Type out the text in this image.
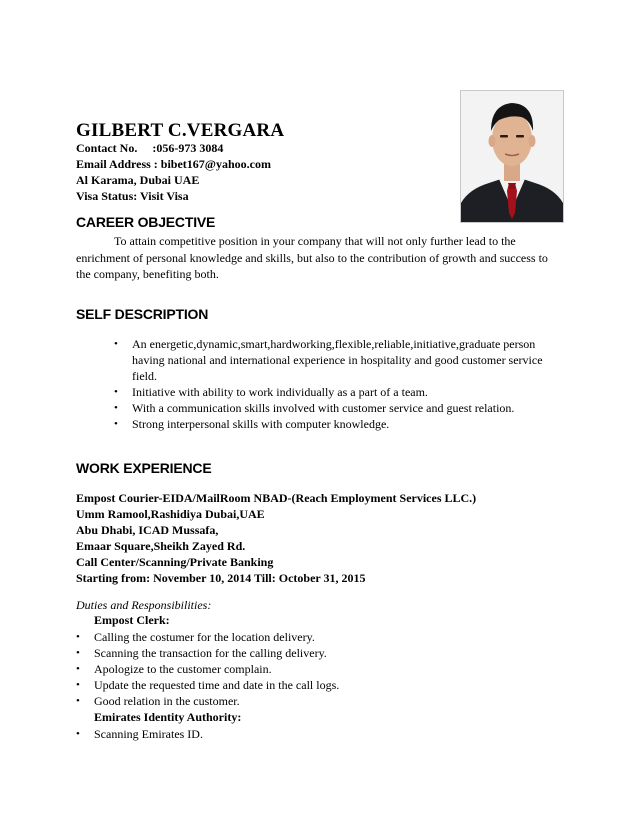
GILBERT C.VERGARA
Contact No.     :056-973 3084
Email Address : bibet167@yahoo.com
Al Karama, Dubai UAE
Visa Status: Visit Visa
CAREER OBJECTIVE
To attain competitive position in your company that will not only further lead to the enrichment of personal knowledge and skills, but also to the contribution of growth and success to the company, benefiting both.
SELF DESCRIPTION
• An energetic,dynamic,smart,hardworking,flexible,reliable,initiative,graduate person having national and international experience in hospitality and good customer service field.
• Initiative with ability to work individually as a part of a team.
• With a communication skills involved with customer service and guest relation.
• Strong interpersonal skills with computer knowledge.
WORK EXPERIENCE
Empost Courier-EIDA/MailRoom NBAD-(Reach Employment Services LLC.)
Umm Ramool,Rashidiya Dubai,UAE
Abu Dhabi, ICAD Mussafa,
Emaar Square,Sheikh Zayed Rd.
Call Center/Scanning/Private Banking
Starting from: November 10, 2014 Till: October 31, 2015
Duties and Responsibilities:
Empost Clerk:
• Calling the costumer for the location delivery.
• Scanning the transaction for the calling delivery.
• Apologize to the customer complain.
• Update the requested time and date in the call logs.
• Good relation in the customer.
Emirates Identity Authority:
• Scanning Emirates ID.
